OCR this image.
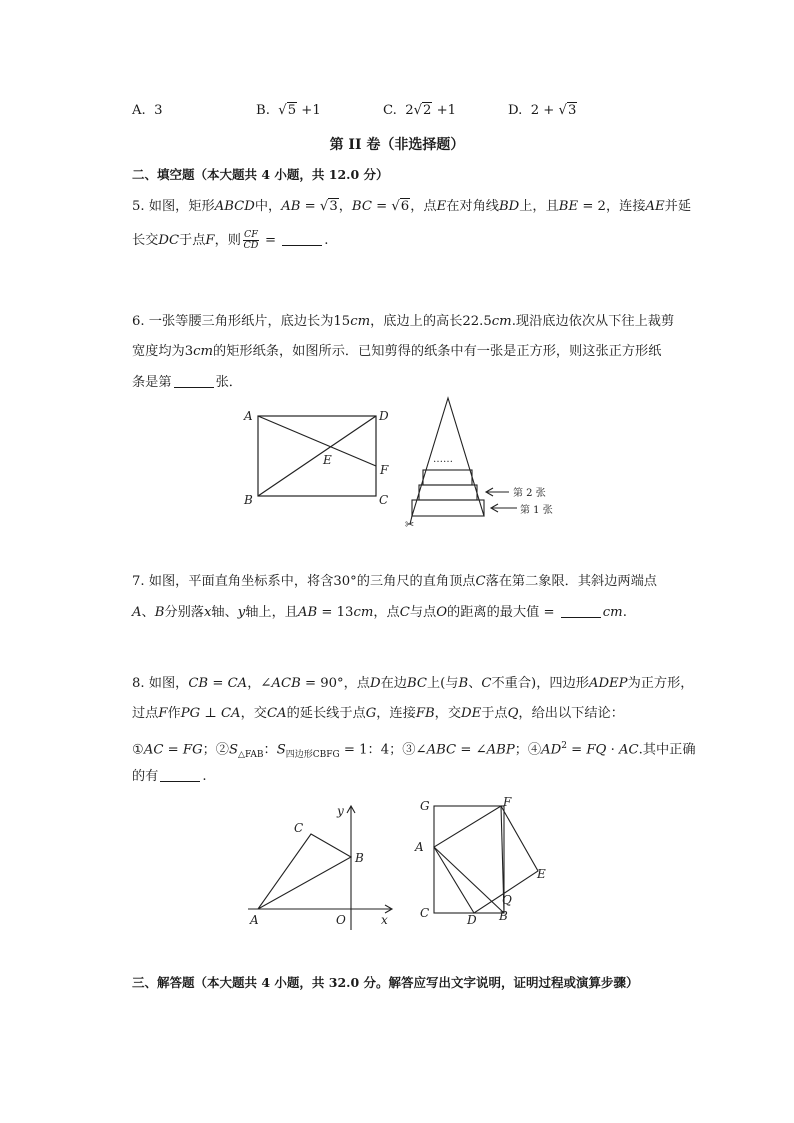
A. 3	B.  √5 +1	C. 2√2 +1	D. 2 + √3
第 II 卷（非选择题）
二、填空题（本大题共 4 小题，共 12.0 分）
5. 如图，矩形ABCD中，AB = √3，BC = √6，点E在对角线BD上，且BE = 2，连接AE并延
长交DC于点F，则 $\frac{CF}{CD}$ =	.
6. 一张等腰三角形纸片，底边长为15cm，底边上的高长22.5cm.现沿底边依次从下往上裁剪
宽度均为3cm的矩形纸条，如图所示．已知剪得的纸条中有一张是正方形，则这张正方形纸
条是第	张．
A	D
E
F
B	C
……
第 2 张
第 1 张
✂
7. 如图，平面直角坐标系中，将含30°的三角尺的直角顶点C落在第二象限．其斜边两端点
A、B分别落x轴、y轴上，且AB = 13cm，点C与点O的距离的最大值 =	cm.
8. 如图，CB = CA，∠ACB = 90°，点D在边BC上(与B、C不重合)，四边形ADEP为正方形，
过点F作PG ⊥ CA，交CA的延长线于点G，连接FB，交DE于点Q，给出以下结论：
①AC = FG；$②S_{\triangle FAB}$：$S_{四边形CBFG} = 1$：4；③∠ABC = ∠ABP；$④AD^2$ = FQ · AC.其中正确
的有	.
C
B
A	O	x
y	G	F
A
E
Q
C	D B
三、解答题（本大题共 4 小题，共 32.0 分。解答应写出文字说明，证明过程或演算步骤）
